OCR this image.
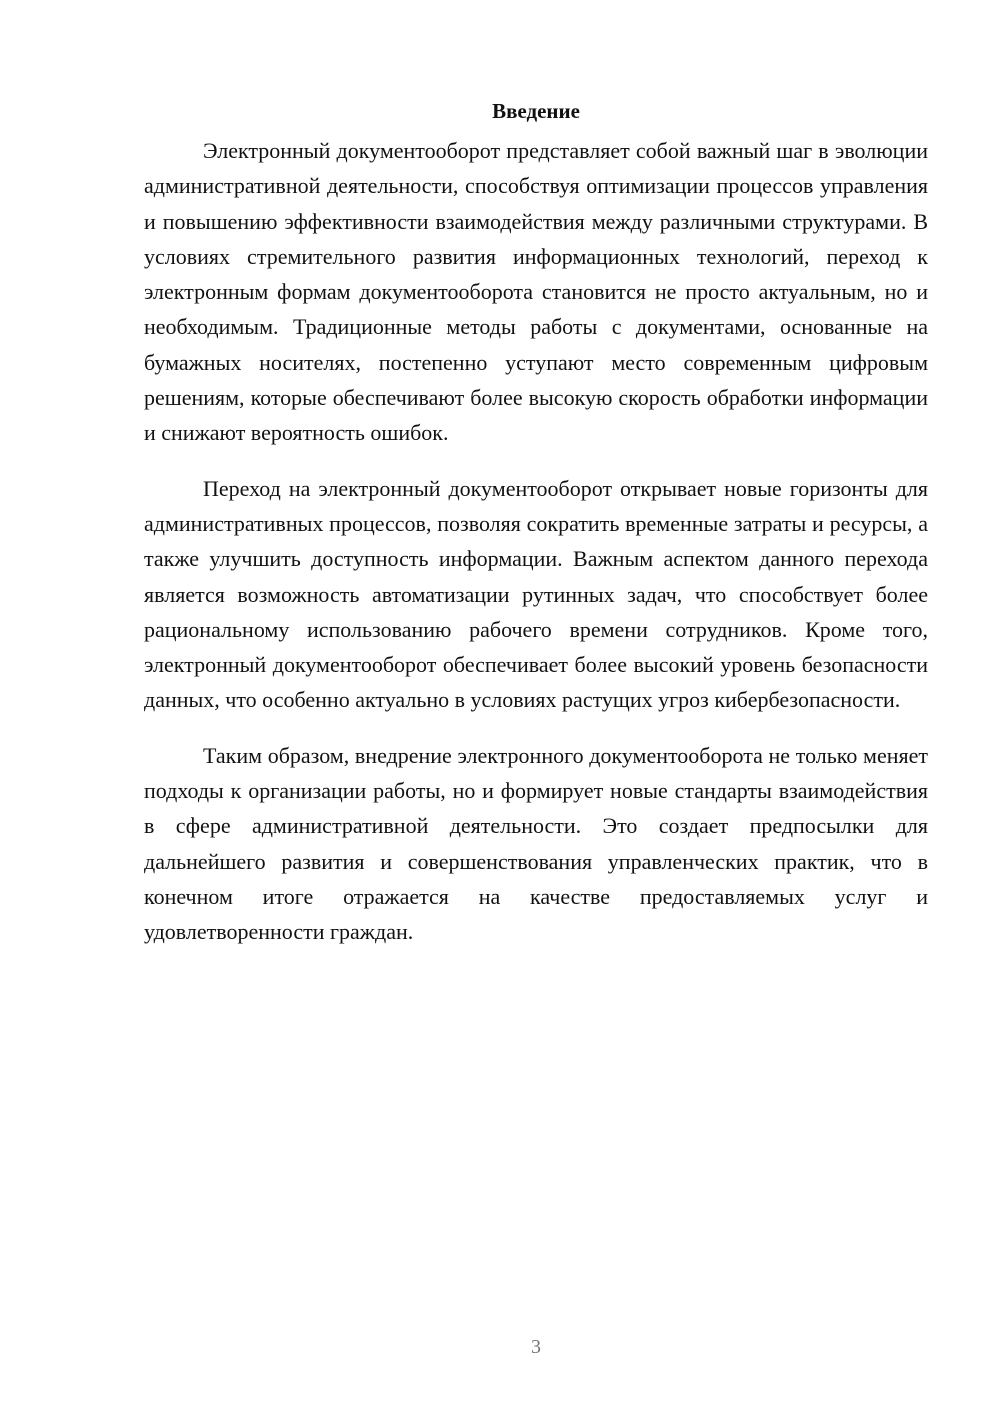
Введение

Электронный документооборот представляет собой важный шаг в эволюции административной деятельности, способствуя оптимизации процессов управления и повышению эффективности взаимодействия между различными структурами. В условиях стремительного развития информационных технологий, переход к электронным формам документооборота становится не просто актуальным, но и необходимым. Традиционные методы работы с документами, основанные на бумажных носителях, постепенно уступают место современным цифровым решениям, которые обеспечивают более высокую скорость обработки информации и снижают вероятность ошибок.

Переход на электронный документооборот открывает новые горизонты для административных процессов, позволяя сократить временные затраты и ресурсы, а также улучшить доступность информации. Важным аспектом данного перехода является возможность автоматизации рутинных задач, что способствует более рациональному использованию рабочего времени сотрудников. Кроме того, электронный документооборот обеспечивает более высокий уровень безопасности данных, что особенно актуально в условиях растущих угроз кибербезопасности.

Таким образом, внедрение электронного документооборота не только меняет подходы к организации работы, но и формирует новые стандарты взаимодействия в сфере административной деятельности. Это создает предпосылки для дальнейшего развития и совершенствования управленческих практик, что в конечном итоге отражается на качестве предоставляемых услуг и удовлетворенности граждан.

3
